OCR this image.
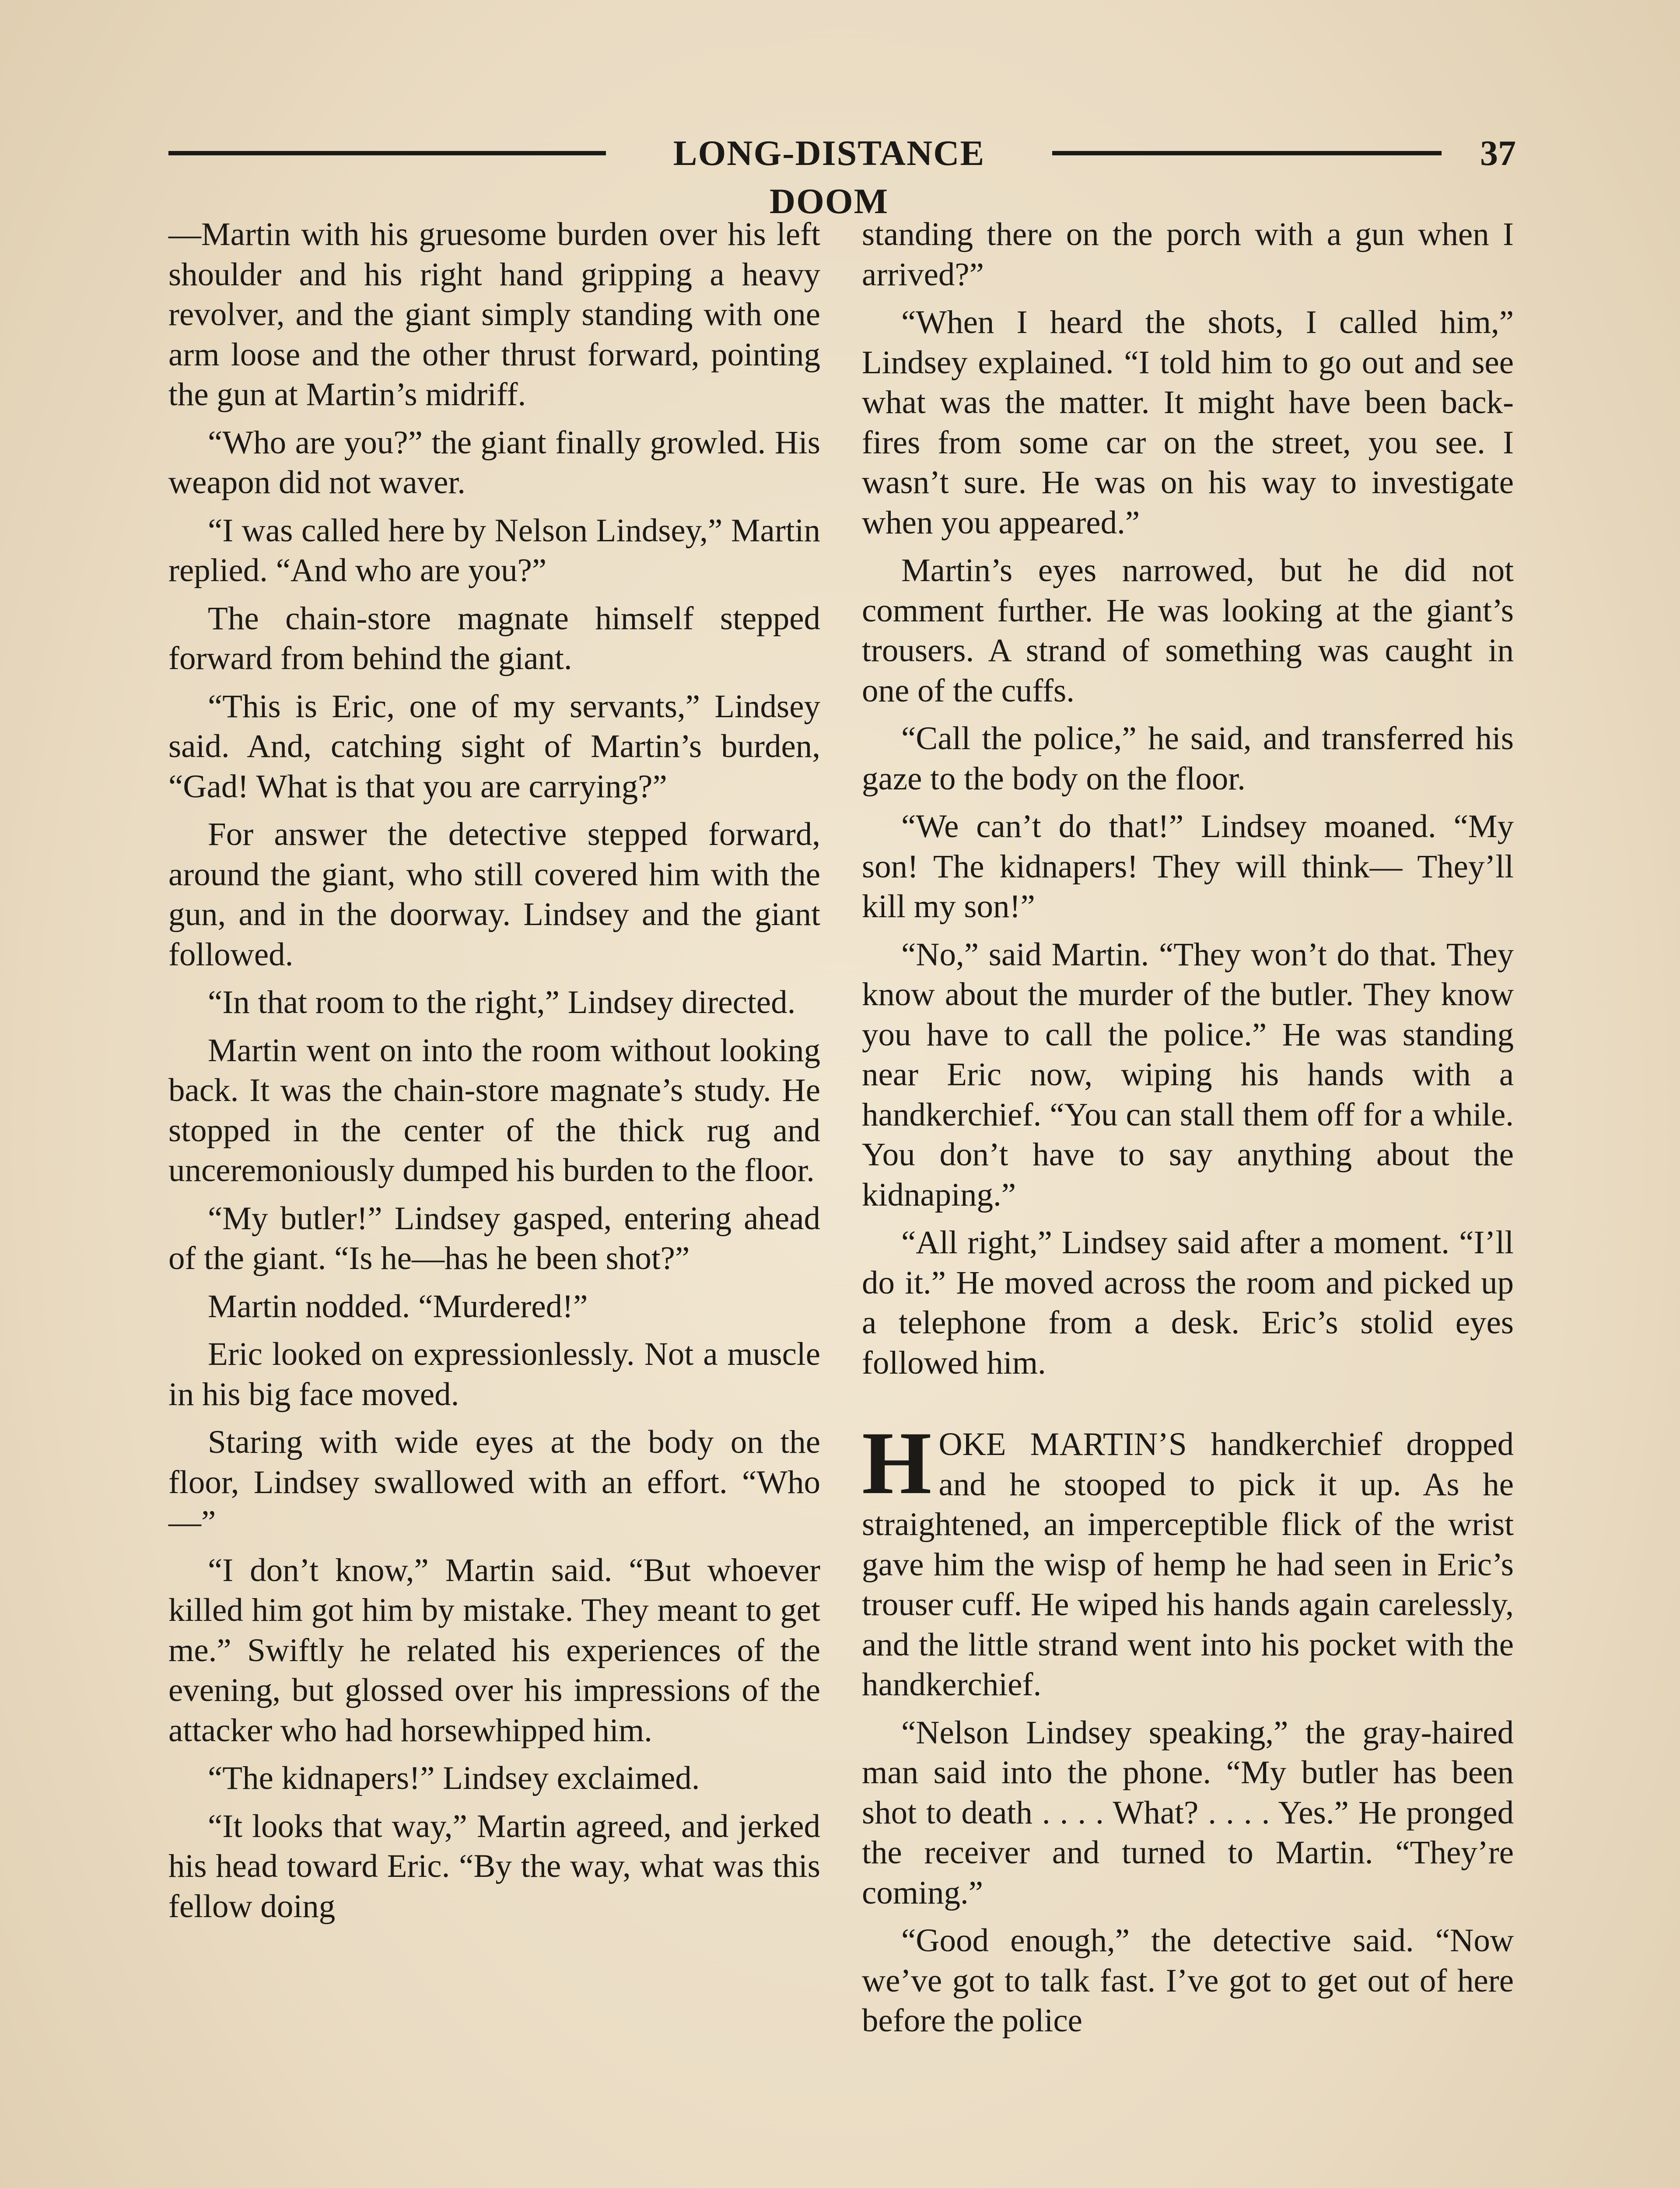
LONG-DISTANCE DOOM
37

—Martin with his gruesome burden over his left shoulder and his right hand gripping a heavy revolver, and the giant simply standing with one arm loose and the other thrust forward, pointing the gun at Martin’s midriff.

“Who are you?” the giant finally growled. His weapon did not waver.

“I was called here by Nelson Lindsey,” Martin replied. “And who are you?”

The chain-store magnate himself stepped forward from behind the giant.

“This is Eric, one of my servants,” Lindsey said. And, catching sight of Martin’s burden, “Gad! What is that you are carrying?”

For answer the detective stepped forward, around the giant, who still covered him with the gun, and in the doorway. Lindsey and the giant followed.

“In that room to the right,” Lindsey directed.

Martin went on into the room without looking back. It was the chain-store magnate’s study. He stopped in the center of the thick rug and unceremoniously dumped his burden to the floor.

“My butler!” Lindsey gasped, entering ahead of the giant. “Is he—has he been shot?”

Martin nodded. “Murdered!”

Eric looked on expressionlessly. Not a muscle in his big face moved.

Staring with wide eyes at the body on the floor, Lindsey swallowed with an effort. “Who—”

“I don’t know,” Martin said. “But whoever killed him got him by mistake. They meant to get me.” Swiftly he related his experiences of the evening, but glossed over his impressions of the attacker who had horsewhipped him.

“The kidnapers!” Lindsey exclaimed.

“It looks that way,” Martin agreed, and jerked his head toward Eric. “By the way, what was this fellow doing

standing there on the porch with a gun when I arrived?”

“When I heard the shots, I called him,” Lindsey explained. “I told him to go out and see what was the matter. It might have been back-fires from some car on the street, you see. I wasn’t sure. He was on his way to investigate when you appeared.”

Martin’s eyes narrowed, but he did not comment further. He was looking at the giant’s trousers. A strand of something was caught in one of the cuffs.

“Call the police,” he said, and transferred his gaze to the body on the floor.

“We can’t do that!” Lindsey moaned. “My son! The kidnapers! They will think— They’ll kill my son!”

“No,” said Martin. “They won’t do that. They know about the murder of the butler. They know you have to call the police.” He was standing near Eric now, wiping his hands with a handkerchief. “You can stall them off for a while. You don’t have to say anything about the kidnaping.”

“All right,” Lindsey said after a moment. “I’ll do it.” He moved across the room and picked up a telephone from a desk. Eric’s stolid eyes followed him.

HOKE MARTIN’S handkerchief dropped and he stooped to pick it up. As he straightened, an imperceptible flick of the wrist gave him the wisp of hemp he had seen in Eric’s trouser cuff. He wiped his hands again carelessly, and the little strand went into his pocket with the handkerchief.

“Nelson Lindsey speaking,” the gray-haired man said into the phone. “My butler has been shot to death . . . . What? . . . . Yes.” He pronged the receiver and turned to Martin. “They’re coming.”

“Good enough,” the detective said. “Now we’ve got to talk fast. I’ve got to get out of here before the police
